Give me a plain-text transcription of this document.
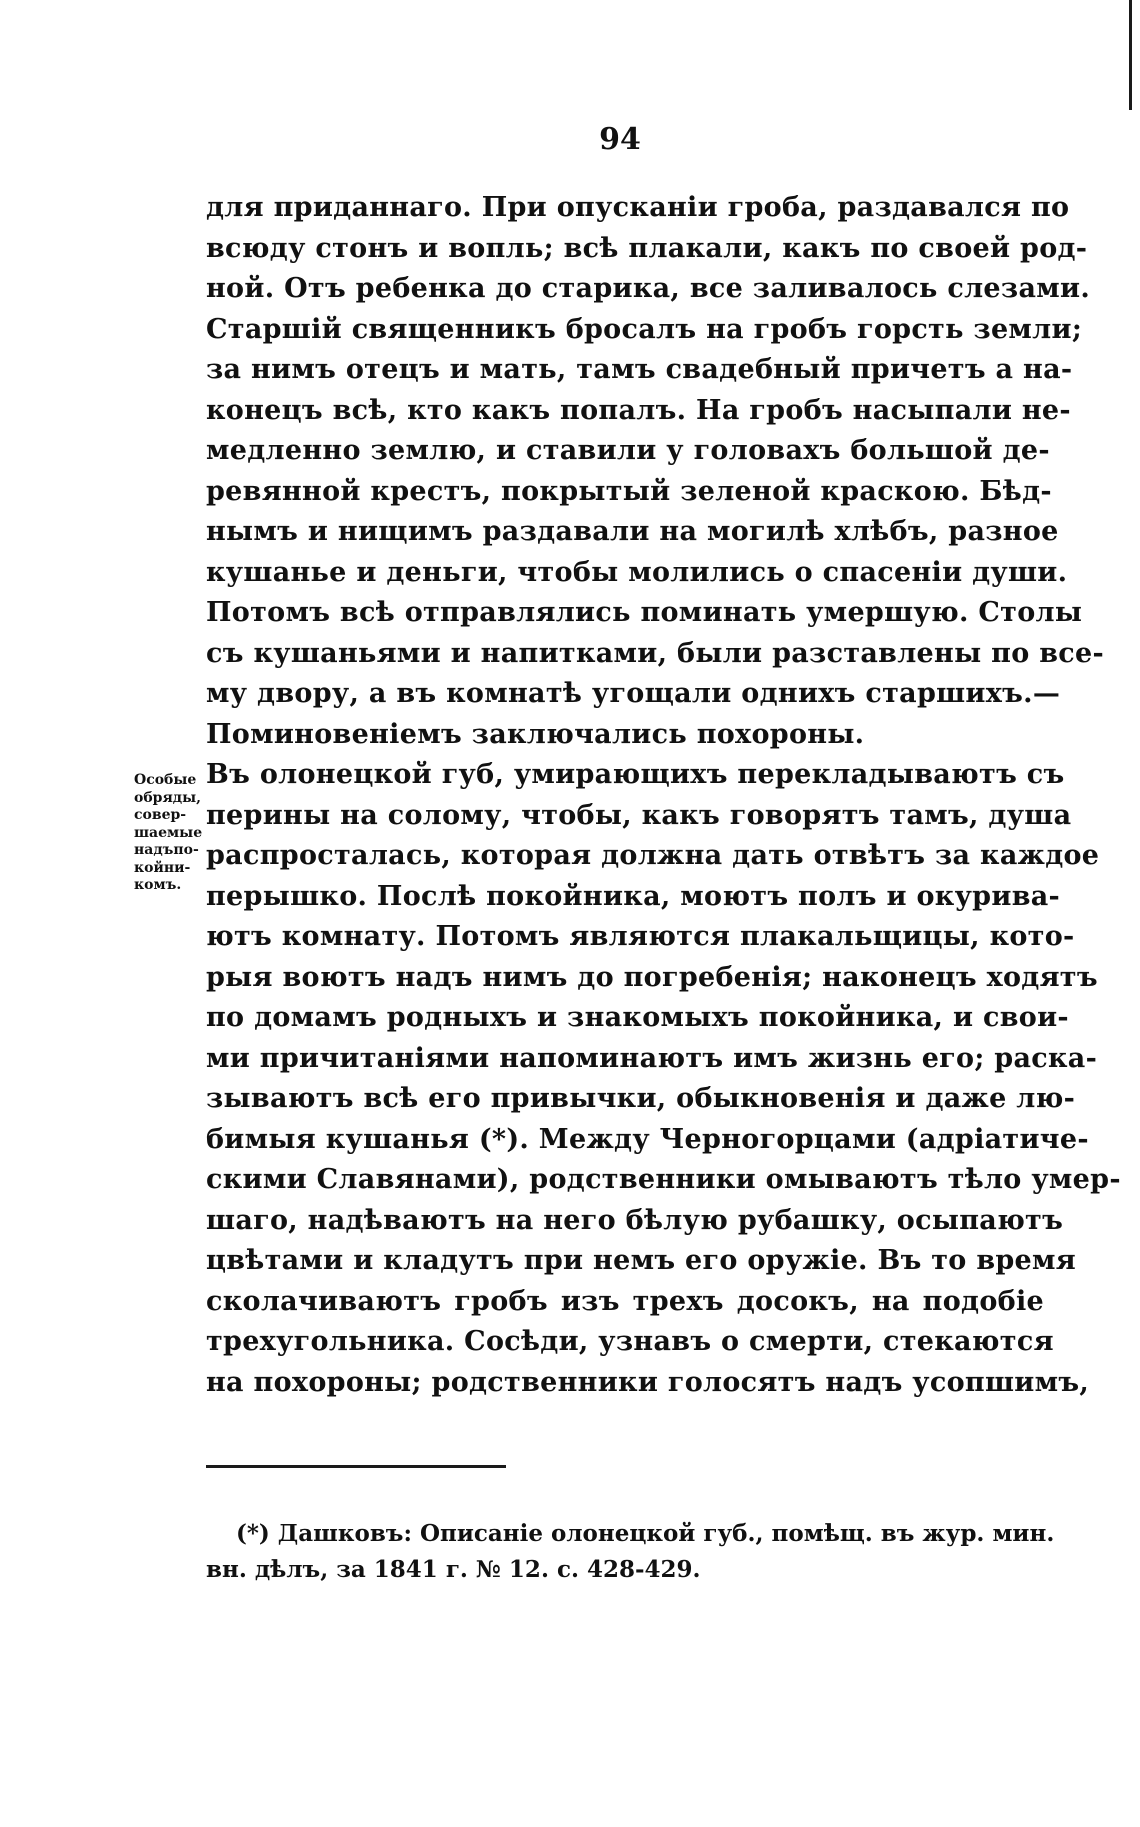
94
для приданнаго. При опусканіи гроба, раздавался по
всюду стонъ и вопль; всѣ плакали, какъ по своей род-
ной. Отъ ребенка до старика, все заливалось слезами.
Старшій священникъ бросалъ на гробъ горсть земли;
за нимъ отецъ и мать, тамъ свадебный причетъ а на-
конецъ всѣ, кто какъ попалъ. На гробъ насыпали не-
медленно землю, и ставили у головахъ большой де-
ревянной крестъ, покрытый зеленой краскою. Бѣд-
нымъ и нищимъ раздавали на могилѣ хлѣбъ, разное
кушанье и деньги, чтобы молились о спасеніи души.
Потомъ всѣ отправлялись поминать умершую. Столы
съ кушаньями и напитками, были разставлены по все-
му двору, а въ комнатѣ угощали однихъ старшихъ.—
Поминовеніемъ заключались похороны.
Въ олонецкой губ, умирающихъ перекладываютъ съ
перины на солому, чтобы, какъ говорятъ тамъ, душа
распросталась, которая должна дать отвѣтъ за каждое
перышко. Послѣ покойника, моютъ полъ и окурива-
ютъ комнату. Потомъ являются плакальщицы, кото-
рыя воютъ надъ нимъ до погребенія; наконецъ ходятъ
по домамъ родныхъ и знакомыхъ покойника, и свои-
ми причитаніями напоминаютъ имъ жизнь его; раска-
зываютъ всѣ его привычки, обыкновенія и даже лю-
бимыя кушанья (*). Между Черногорцами (адріатиче-
скими Славянами), родственники омываютъ тѣло умер-
шаго, надѣваютъ на него бѣлую рубашку, осыпаютъ
цвѣтами и кладутъ при немъ его оружіе. Въ то время
сколачиваютъ гробъ изъ трехъ досокъ, на подобіе
трехугольника. Сосѣди, узнавъ о смерти, стекаются
на похороны; родственники голосятъ надъ усопшимъ,
Особые
обряды,
совер-
шаемые
надъпо-
койни-
комъ.
(*) Дашковъ: Описаніе олонецкой губ., помѣщ. въ жур. мин.
вн. дѣлъ, за 1841 г. № 12. с. 428-429.
